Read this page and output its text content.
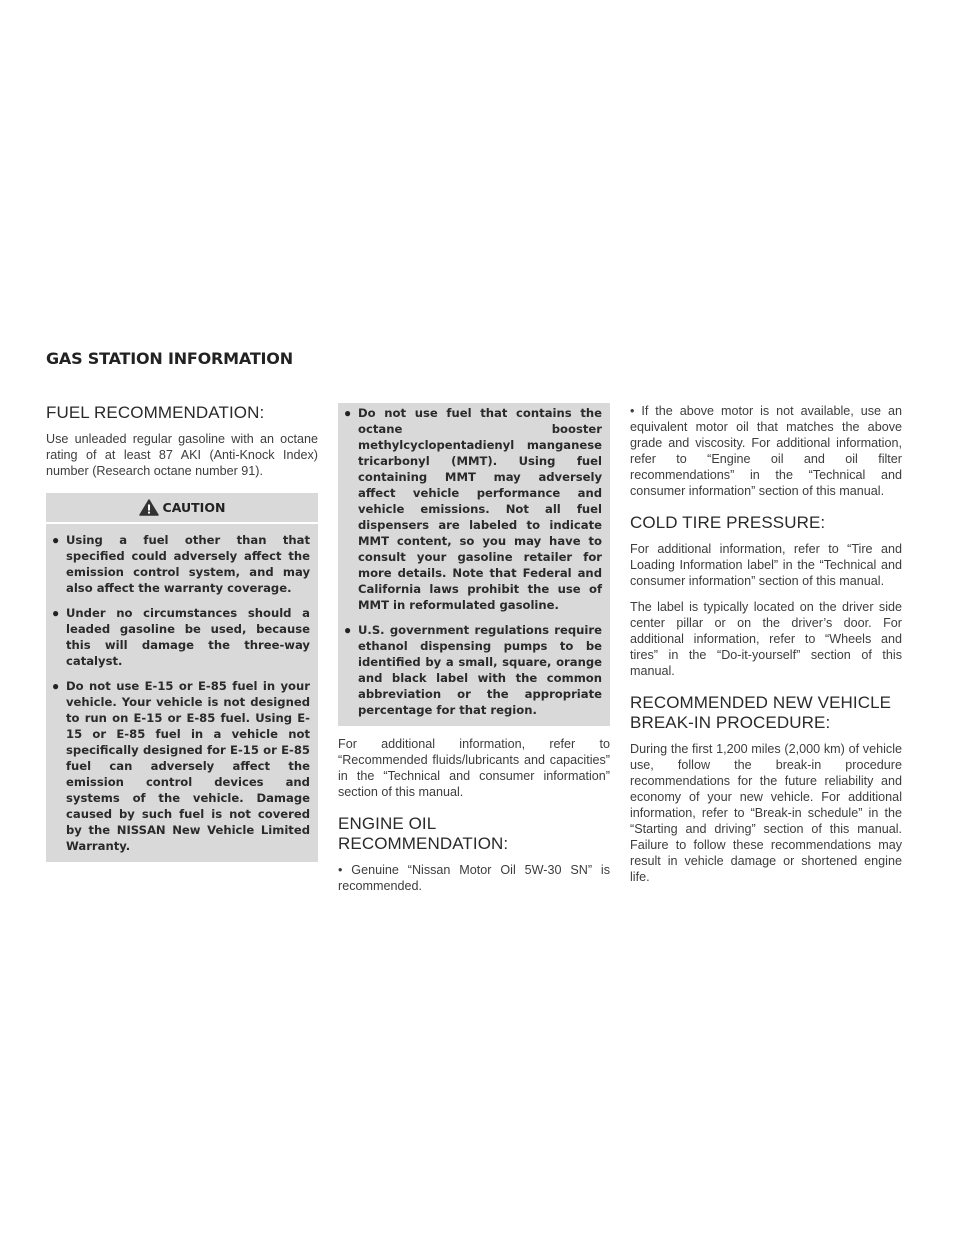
GAS STATION INFORMATION
FUEL RECOMMENDATION:

Use unleaded regular gasoline with an octane rating of at least 87 AKI (Anti-Knock Index) number (Research octane number 91).

CAUTION
● Using a fuel other than that specified could adversely affect the emission control system, and may also affect the warranty coverage.
● Under no circumstances should a leaded gasoline be used, because this will damage the three-way catalyst.
● Do not use E-15 or E-85 fuel in your vehicle. Your vehicle is not designed to run on E-15 or E-85 fuel. Using E-15 or E-85 fuel in a vehicle not specifically designed for E-15 or E-85 fuel can adversely affect the emission control devices and systems of the vehicle. Damage caused by such fuel is not covered by the NISSAN New Vehicle Limited Warranty.
● Do not use fuel that contains the octane booster methylcyclopentadienyl manganese tricarbonyl (MMT). Using fuel containing MMT may adversely affect vehicle performance and vehicle emissions. Not all fuel dispensers are labeled to indicate MMT content, so you may have to consult your gasoline retailer for more details. Note that Federal and California laws prohibit the use of MMT in reformulated gasoline.
● U.S. government regulations require ethanol dispensing pumps to be identified by a small, square, orange and black label with the common abbreviation or the appropriate percentage for that region.

For additional information, refer to “Recommended fluids/lubricants and capacities” in the “Technical and consumer information” section of this manual.

ENGINE OIL RECOMMENDATION:

• Genuine “Nissan Motor Oil 5W-30 SN” is recommended.

• If the above motor is not available, use an equivalent motor oil that matches the above grade and viscosity. For additional information, refer to “Engine oil and oil filter recommendations” in the “Technical and consumer information” section of this manual.

COLD TIRE PRESSURE:

For additional information, refer to “Tire and Loading Information label” in the “Technical and consumer information” section of this manual.

The label is typically located on the driver side center pillar or on the driver’s door. For additional information, refer to “Wheels and tires” in the “Do-it-yourself” section of this manual.

RECOMMENDED NEW VEHICLE
BREAK-IN PROCEDURE:

During the first 1,200 miles (2,000 km) of vehicle use, follow the break-in procedure recommendations for the future reliability and economy of your new vehicle. For additional information, refer to “Break-in schedule” in the “Starting and driving” section of this manual. Failure to follow these recommendations may result in vehicle damage or shortened engine life.
